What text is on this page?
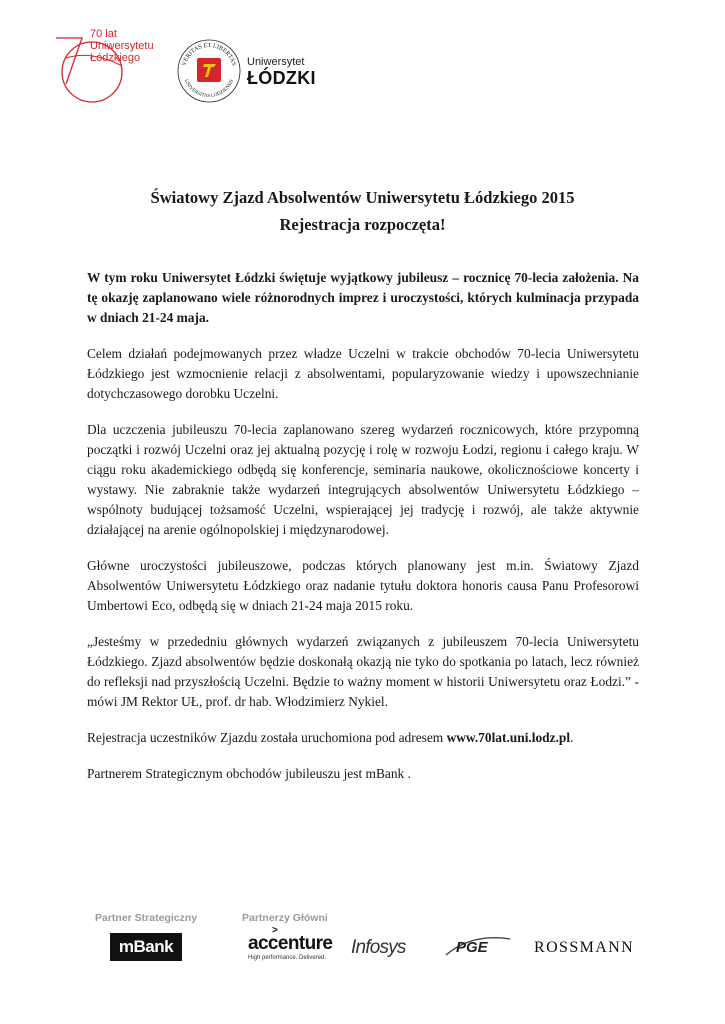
70 lat
Uniwersytetu
Łódzkiego	VERITAS ET LIBERTAS
UNIVERSITAS LODZIENSIS
Uniwersytet
ŁÓDZKI
Światowy Zjazd Absolwentów Uniwersytetu Łódzkiego 2015
Rejestracja rozpoczęta!

W tym roku Uniwersytet Łódzki świętuje wyjątkowy jubileusz – rocznicę 70-lecia założenia. Na tę okazję zaplanowano wiele różnorodnych imprez i uroczystości, których kulminacja przypada w dniach 21-24 maja.

Celem działań podejmowanych przez władze Uczelni w trakcie obchodów 70-lecia Uniwersytetu Łódzkiego jest wzmocnienie relacji z absolwentami, popularyzowanie wiedzy i upowszechnianie dotychczasowego dorobku Uczelni.

Dla uczczenia jubileuszu 70-lecia zaplanowano szereg wydarzeń rocznicowych, które przypomną początki i rozwój Uczelni oraz jej aktualną pozycję i rolę w rozwoju Łodzi, regionu i całego kraju. W ciągu roku akademickiego odbędą się konferencje, seminaria naukowe, okolicznościowe koncerty i wystawy. Nie zabraknie także wydarzeń integrujących absolwentów Uniwersytetu Łódzkiego – wspólnoty budującej tożsamość Uczelni, wspierającej jej tradycję i rozwój, ale także aktywnie działającej na arenie ogólnopolskiej i międzynarodowej.

Główne uroczystości jubileuszowe, podczas których planowany jest m.in. Światowy Zjazd Absolwentów Uniwersytetu Łódzkiego oraz nadanie tytułu doktora honoris causa Panu Profesorowi Umbertowi Eco, odbędą się w dniach 21-24 maja 2015 roku.

„Jesteśmy w przededniu głównych wydarzeń związanych z jubileuszem 70-lecia Uniwersytetu Łódzkiego. Zjazd absolwentów będzie doskonałą okazją nie tyko do spotkania po latach, lecz również do refleksji nad przyszłością Uczelni. Będzie to ważny moment w historii Uniwersytetu oraz Łodzi.” - mówi JM Rektor UŁ, prof. dr hab. Włodzimierz Nykiel.

Rejestracja uczestników Zjazdu została uruchomiona pod adresem www.70lat.uni.lodz.pl.

Partnerem Strategicznym obchodów jubileuszu jest mBank .

Partner Strategiczny	Partnerzy Główni
mBank
>
accenture
High performance. Delivered.	Infosys	PGE	ROSSMANN
